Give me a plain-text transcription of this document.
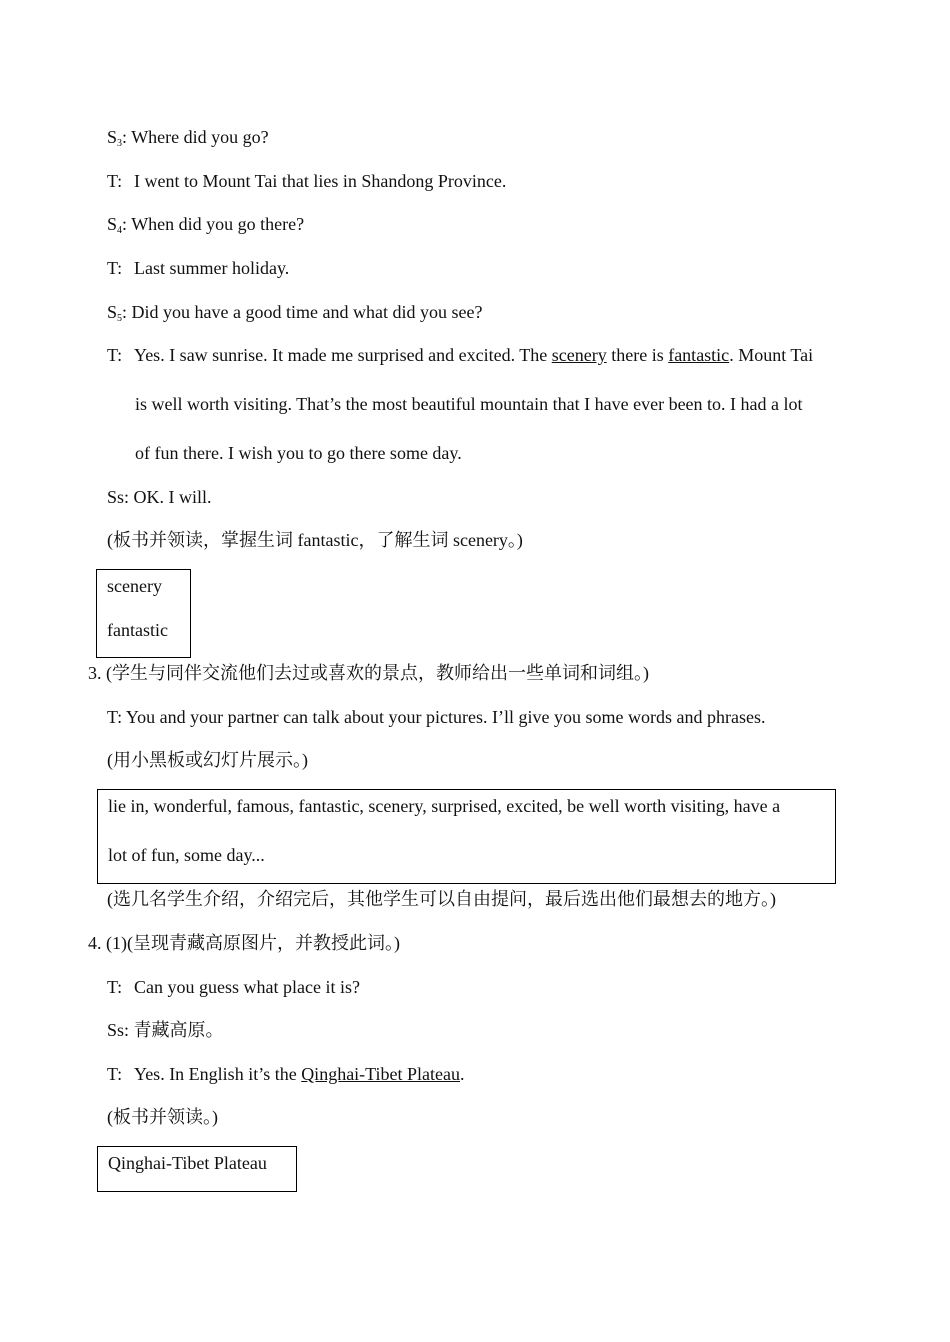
$S_3$: Where did you go?
T: I went to Mount Tai that lies in Shandong Province.
$S_4$: When did you go there?
T: Last summer holiday.
$S_5$: Did you have a good time and what did you see?
T: Yes. I saw sunrise. It made me surprised and excited. The scenery there is fantastic. Mount Tai
is well worth visiting. That’s the most beautiful mountain that I have ever been to. I had a lot
of fun there. I wish you to go there some day.
Ss: OK. I will.
(板书并领读，掌握生词 fantastic，了解生词 scenery。)
scenery
fantastic
3. (学生与同伴交流他们去过或喜欢的景点，教师给出一些单词和词组。)
T: You and your partner can talk about your pictures. I’ll give you some words and phrases.
(用小黑板或幻灯片展示。)
lie in, wonderful, famous, fantastic, scenery, surprised, excited, be well worth visiting, have a
lot of fun, some day...
(选几名学生介绍，介绍完后，其他学生可以自由提问，最后选出他们最想去的地方。)
4. (1)(呈现青藏高原图片，并教授此词。)
T: Can you guess what place it is?
Ss: 青藏高原。
T: Yes. In English it’s the Qinghai-Tibet Plateau.
(板书并领读。)
Qinghai-Tibet Plateau
